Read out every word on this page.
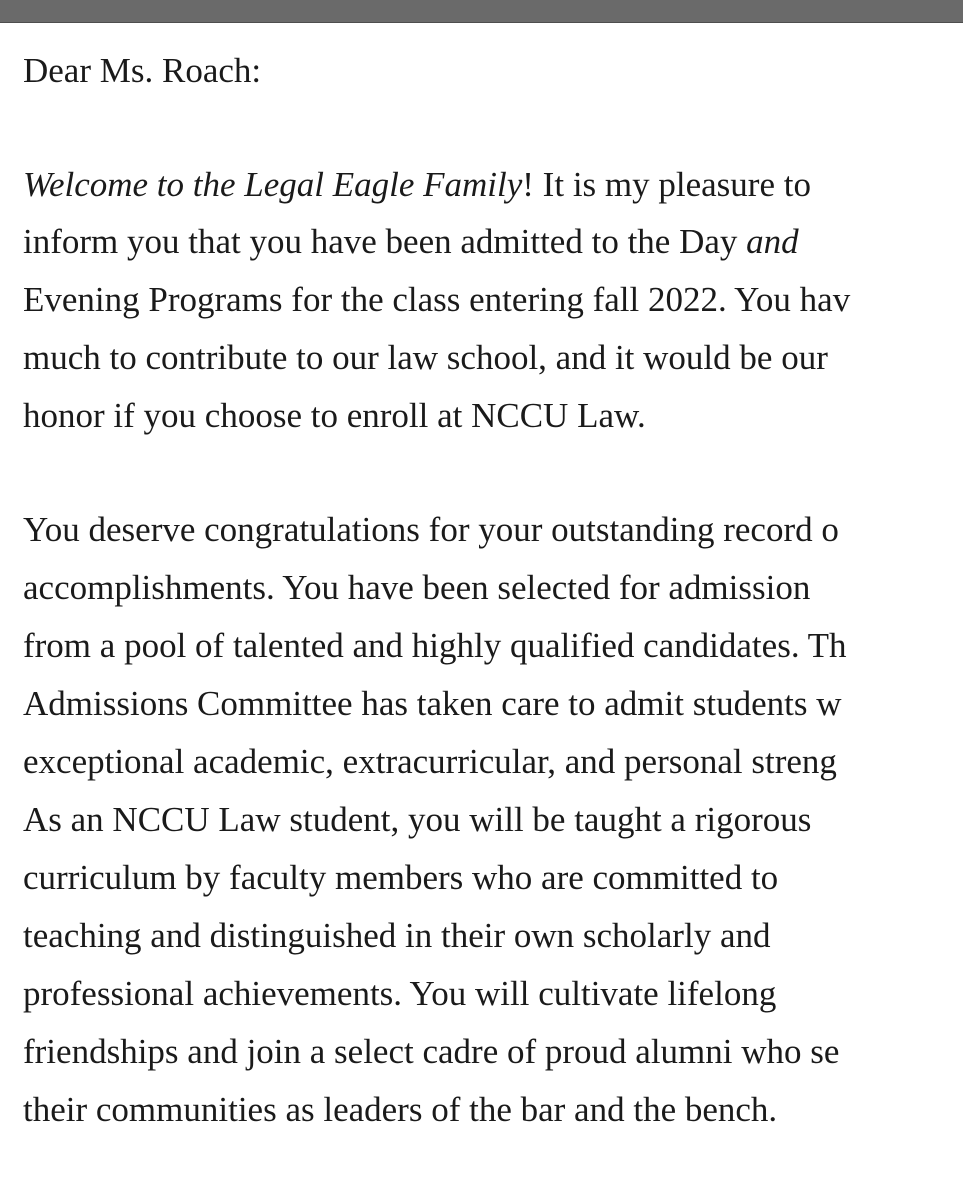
Dear Ms. Roach:

Welcome to the Legal Eagle Family! It is my pleasure to

inform you that you have been admitted to the Day and

Evening Programs for the class entering fall 2022. You hav

much to contribute to our law school, and it would be our

honor if you choose to enroll at NCCU Law.

You deserve congratulations for your outstanding record o

accomplishments. You have been selected for admission

from a pool of talented and highly qualified candidates. Th

Admissions Committee has taken care to admit students w

exceptional academic, extracurricular, and personal streng

As an NCCU Law student, you will be taught a rigorous

curriculum by faculty members who are committed to

teaching and distinguished in their own scholarly and

professional achievements. You will cultivate lifelong

friendships and join a select cadre of proud alumni who se

their communities as leaders of the bar and the bench.
